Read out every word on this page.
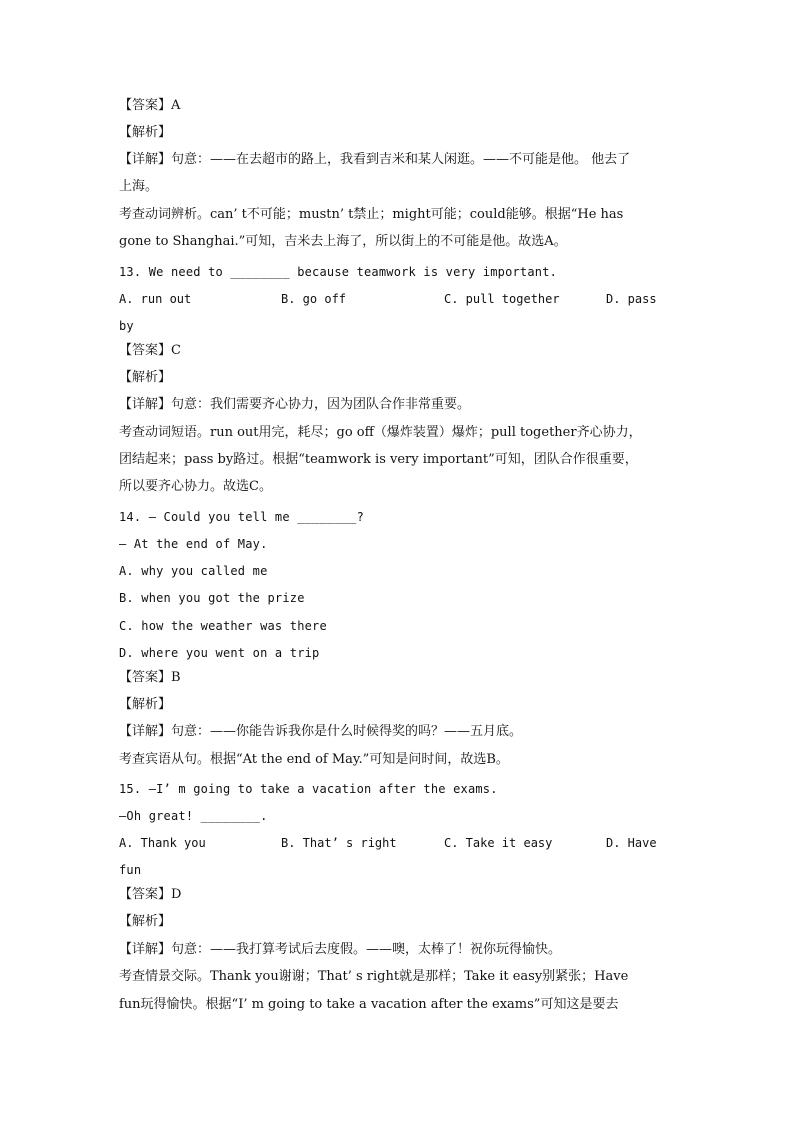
【答案】A
【解析】
【详解】句意：——在去超市的路上，我看到吉米和某人闲逛。——不可能是他。 他去了
上海。
考查动词辨析。can’ t不可能；mustn’ t禁止；might可能；could能够。根据“He has
gone to Shanghai.”可知，吉米去上海了，所以街上的不可能是他。故选A。
13. We need to ________ because teamwork is very important.
A. run out	B. go off	C. pull together	D. pass
by
【答案】C
【解析】
【详解】句意：我们需要齐心协力，因为团队合作非常重要。
考查动词短语。run out用完，耗尽；go off（爆炸装置）爆炸；pull together齐心协力，
团结起来；pass by路过。根据“teamwork is very important”可知，团队合作很重要，
所以要齐心协力。故选C。
14. — Could you tell me ________?
— At the end of May.
A. why you called me
B. when you got the prize
C. how the weather was there
D. where you went on a trip
【答案】B
【解析】
【详解】句意：——你能告诉我你是什么时候得奖的吗？——五月底。
考查宾语从句。根据“At the end of May.”可知是问时间，故选B。
15. —I’ m going to take a vacation after the exams.
—Oh great! ________.
A. Thank you	B. That’ s right	C. Take it easy	D. Have
fun
【答案】D
【解析】
【详解】句意：——我打算考试后去度假。——噢，太棒了！祝你玩得愉快。
考查情景交际。Thank you谢谢；That’ s right就是那样；Take it easy别紧张；Have
fun玩得愉快。根据“I’ m going to take a vacation after the exams”可知这是要去
